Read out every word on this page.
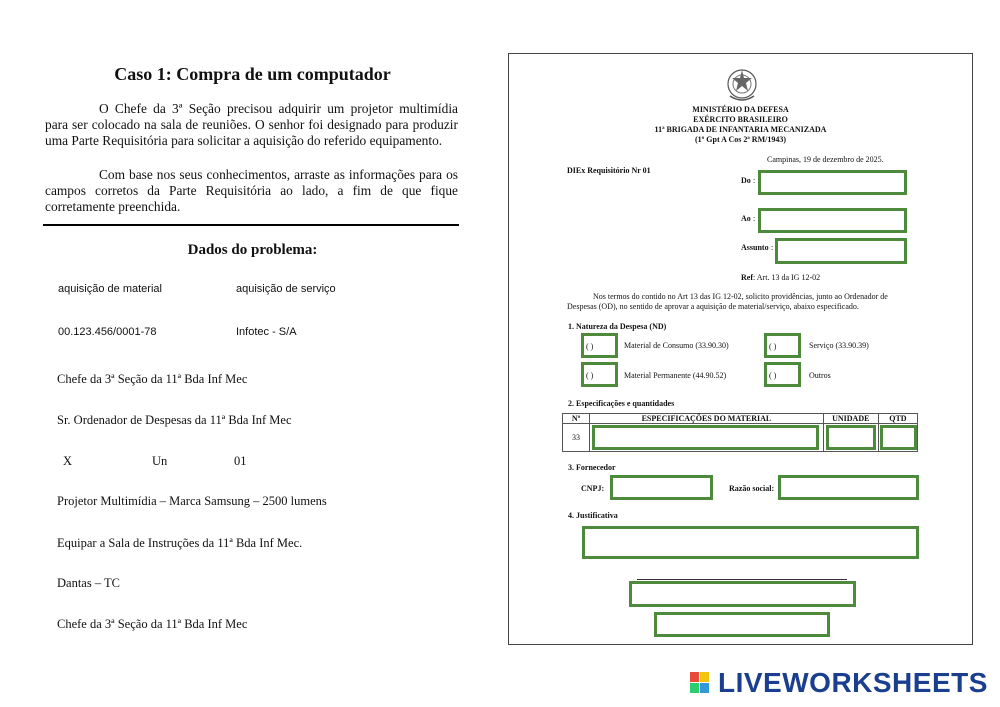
Caso 1: Compra de um computador
O Chefe da 3ª Seção precisou adquirir um projetor multimídia para ser colocado na sala de reuniões. O senhor foi designado para produzir uma Parte Requisitória para solicitar a aquisição do referido equipamento.
Com base nos seus conhecimentos, arraste as informações para os campos corretos da Parte Requisitória ao lado, a fim de que fique corretamente preenchida.
Dados do problema:
aquisição de material	aquisição de serviço
00.123.456/0001-78	Infotec - S/A
Chefe da 3ª Seção da 11ª Bda Inf Mec
Sr. Ordenador de Despesas da 11ª Bda Inf Mec
X	Un	01
Projetor Multimídia – Marca Samsung – 2500 lumens
Equipar a Sala de Instruções da 11ª Bda Inf Mec.
Dantas – TC
Chefe da 3ª Seção da 11ª Bda Inf Mec
MINISTÉRIO DA DEFESA
EXÉRCITO BRASILEIRO
11ª BRIGADA DE INFANTARIA MECANIZADA
(1º Gpt A Cos 2ª RM/1943)
Campinas, 19 de dezembro de 2025.
DIEx Requisitório Nr 01
Do :
Ao :
Assunto :
Ref: Art. 13 da IG 12-02
Nos termos do contido no Art 13 das IG 12-02, solicito providências, junto ao Ordenador de
Despesas (OD), no sentido de aprovar a aquisição de material/serviço, abaixo especificado.
1. Natureza da Despesa (ND)
( )	Material de Consumo (33.90.30)	( )	Serviço (33.90.39)
( )	Material Permanente (44.90.52)	( )	Outros
2. Especificações e quantidades
Nº	ESPECIFICAÇÕES DO MATERIAL	UNIDADE	QTD
33			
3. Fornecedor
CNPJ:	Razão social:
4. Justificativa
LIVEWORKSHEETS
